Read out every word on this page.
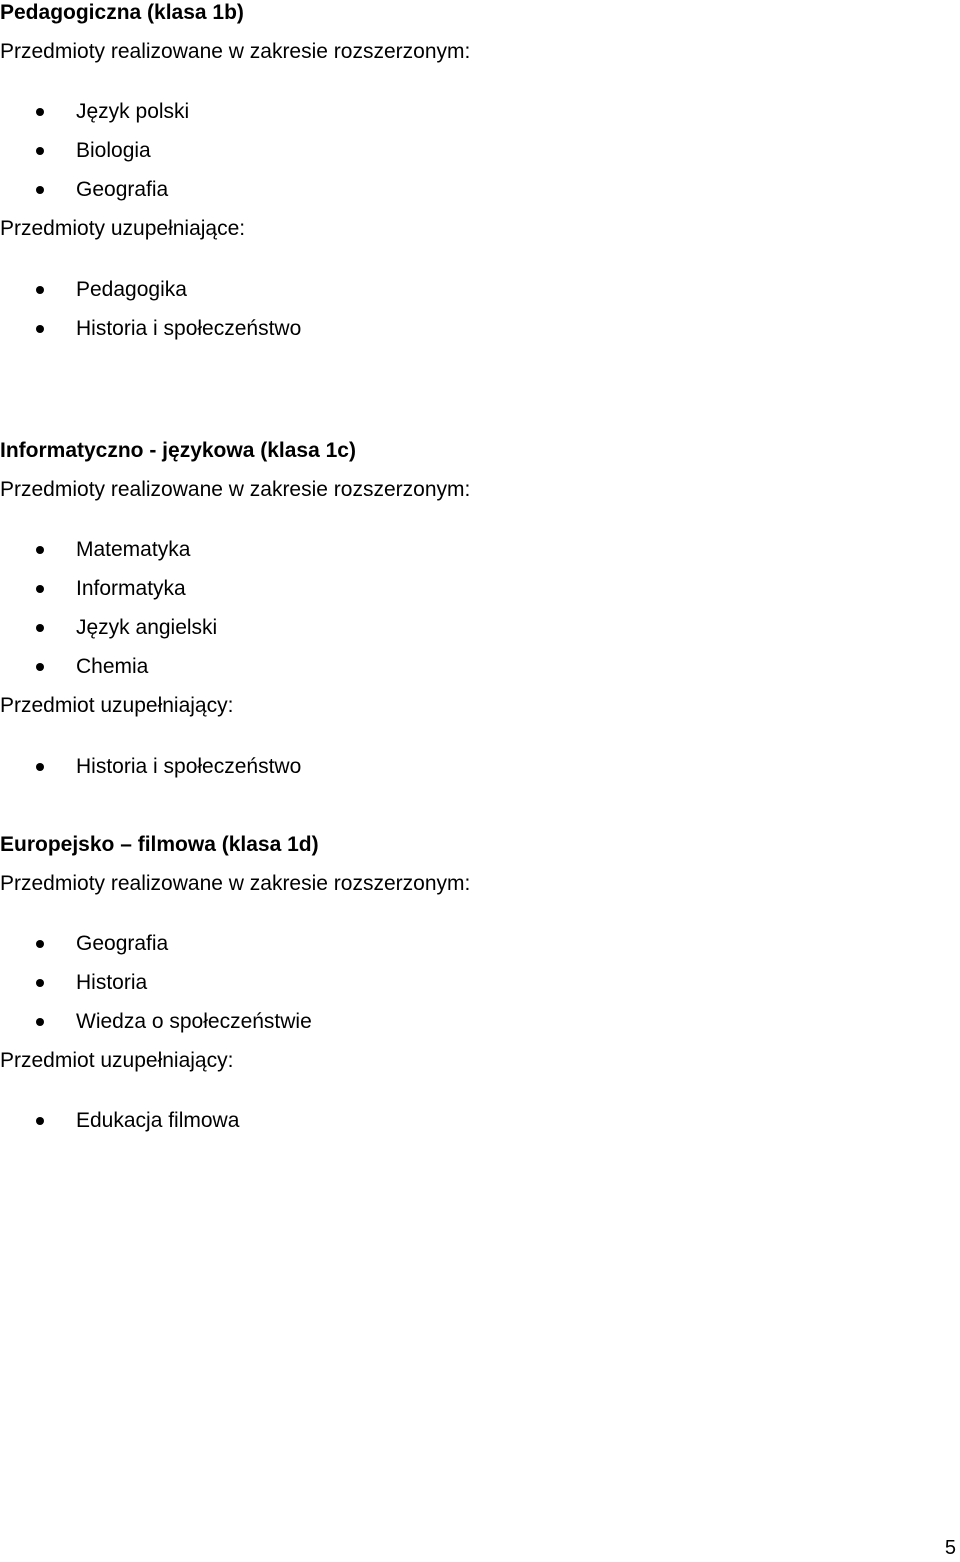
Pedagogiczna (klasa 1b)
Przedmioty realizowane w zakresie rozszerzonym:
Język polski
Biologia
Geografia
Przedmioty uzupełniające:
Pedagogika
Historia i społeczeństwo
Informatyczno - językowa (klasa 1c)
Przedmioty realizowane w zakresie rozszerzonym:
Matematyka
Informatyka
Język angielski
Chemia
Przedmiot uzupełniający:
Historia i społeczeństwo
Europejsko – filmowa (klasa 1d)
Przedmioty realizowane w zakresie rozszerzonym:
Geografia
Historia
Wiedza o społeczeństwie
Przedmiot uzupełniający:
Edukacja filmowa
5
